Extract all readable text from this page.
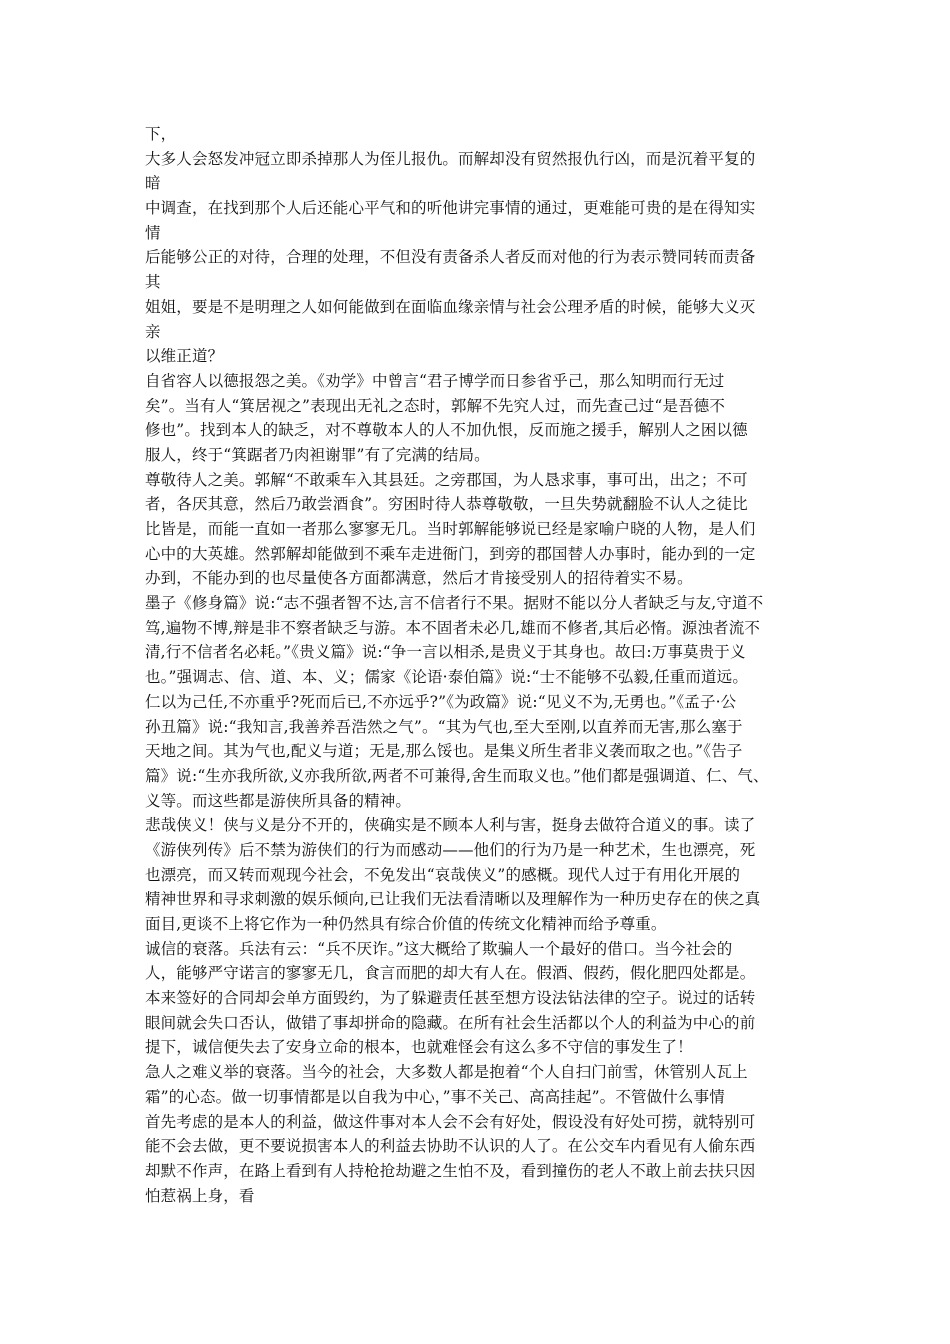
下，
大多人会怒发冲冠立即杀掉那人为侄儿报仇。而解却没有贸然报仇行凶，而是沉着平复的
暗
中调查，在找到那个人后还能心平气和的听他讲完事情的通过，更难能可贵的是在得知实
情
后能够公正的对待，合理的处理，不但没有责备杀人者反而对他的行为表示赞同转而责备
其
姐姐，要是不是明理之人如何能做到在面临血缘亲情与社会公理矛盾的时候，能够大义灭
亲
以维正道？
自省容人以德报怨之美。《劝学》中曾言“君子博学而日参省乎己，那么知明而行无过
矣”。当有人“箕居视之”表现出无礼之态时，郭解不先究人过，而先查己过“是吾德不
修也”。找到本人的缺乏，对不尊敬本人的人不加仇恨，反而施之援手，解别人之困以德
服人，终于“箕踞者乃肉袒谢罪”有了完满的结局。
尊敬待人之美。郭解“不敢乘车入其县廷。之旁郡国，为人恳求事，事可出，出之；不可
者，各厌其意，然后乃敢尝酒食”。穷困时待人恭尊敬敬，一旦失势就翻脸不认人之徒比
比皆是，而能一直如一者那么寥寥无几。当时郭解能够说已经是家喻户晓的人物，是人们
心中的大英雄。然郭解却能做到不乘车走进衙门，到旁的郡国替人办事时，能办到的一定
办到，不能办到的也尽量使各方面都满意，然后才肯接受别人的招待着实不易。
墨子《修身篇》说:“志不强者智不达,言不信者行不果。据财不能以分人者缺乏与友,守道不
笃,遍物不博,辩是非不察者缺乏与游。本不固者未必几,雄而不修者,其后必惰。源浊者流不
清,行不信者名必耗。”《贵义篇》说:“争一言以相杀,是贵义于其身也。故曰:万事莫贵于义
也。”强调志、信、道、本、义；儒家《论语·泰伯篇》说:“士不能够不弘毅,任重而道远。
仁以为己任,不亦重乎?死而后已,不亦远乎?”《为政篇》说:“见义不为,无勇也。”《孟子·公
孙丑篇》说:“我知言,我善养吾浩然之气”。“其为气也,至大至刚,以直养而无害,那么塞于
天地之间。其为气也,配义与道；无是,那么馁也。是集义所生者非义袭而取之也。”《告子
篇》说:“生亦我所欲,义亦我所欲,两者不可兼得,舍生而取义也。”他们都是强调道、仁、气、
义等。而这些都是游侠所具备的精神。
悲哉侠义！侠与义是分不开的，侠确实是不顾本人利与害，挺身去做符合道义的事。读了
《游侠列传》后不禁为游侠们的行为而感动——他们的行为乃是一种艺术，生也漂亮，死
也漂亮，而又转而观现今社会，不免发出“哀哉侠义”的感概。现代人过于有用化开展的
精神世界和寻求刺激的娱乐倾向,已让我们无法看清晰以及理解作为一种历史存在的侠之真
面目,更谈不上将它作为一种仍然具有综合价值的传统文化精神而给予尊重。
诚信的衰落。兵法有云：“兵不厌诈。”这大概给了欺骗人一个最好的借口。当今社会的
人，能够严守诺言的寥寥无几，食言而肥的却大有人在。假酒、假药，假化肥四处都是。
本来签好的合同却会单方面毁约，为了躲避责任甚至想方设法钻法律的空子。说过的话转
眼间就会失口否认，做错了事却拼命的隐藏。在所有社会生活都以个人的利益为中心的前
提下，诚信便失去了安身立命的根本，也就难怪会有这么多不守信的事发生了！
急人之难义举的衰落。当今的社会，大多数人都是抱着“个人自扫门前雪，休管别人瓦上
霜”的心态。做一切事情都是以自我为中心，”事不关己、高高挂起”。不管做什么事情
首先考虑的是本人的利益，做这件事对本人会不会有好处，假设没有好处可捞，就特别可
能不会去做，更不要说损害本人的利益去协助不认识的人了。在公交车内看见有人偷东西
却默不作声，在路上看到有人持枪抢劫避之生怕不及，看到撞伤的老人不敢上前去扶只因
怕惹祸上身，看
